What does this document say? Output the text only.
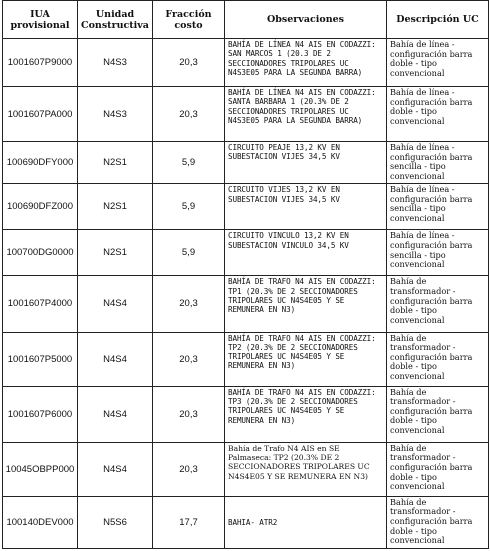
IUA provisional	Unidad Constructiva	Fracción costo	Observaciones	Descripción UC
1001607P9000	N4S3	20,3	BAHÍA DE LÍNEA N4 AIS EN CODAZZI: SAN MARCOS 1 (20.3 DE 2 SECCIONADORES TRIPOLARES UC N4S3E05 PARA LA SEGUNDA BARRA)	Bahía de línea - configuración barra doble - tipo convencional
1001607PA000	N4S3	20,3	BAHÍA DE LÍNEA N4 AIS EN CODAZZI: SANTA BARBARA 1 (20.3% DE 2 SECCIONADORES TRIPOLARES UC N4S3E05 PARA LA SEGUNDA BARRA)	Bahía de línea - configuración barra doble - tipo convencional
100690DFY000	N2S1	5,9	CIRCUITO PEAJE 13,2 KV EN SUBESTACION VIJES 34,5 KV	Bahía de línea - configuración barra sencilla - tipo convencional
100690DFZ000	N2S1	5,9	CIRCUITO VIJES 13,2 KV EN SUBESTACION VIJES 34,5 KV	Bahía de línea - configuración barra sencilla - tipo convencional
100700DG0000	N2S1	5,9	CIRCUITO VINCULO 13,2 KV EN SUBESTACION VINCULO 34,5 KV	Bahía de línea - configuración barra sencilla - tipo convencional
1001607P4000	N4S4	20,3	BAHÍA DE TRAFO N4 AIS EN CODAZZI: TP1 (20.3% DE 2 SECCIONADORES TRIPOLARES UC N4S4E05 Y SE REMUNERA EN N3)	Bahía de transformador - configuración barra doble - tipo convencional
1001607P5000	N4S4	20,3	BAHÍA DE TRAFO N4 AIS EN CODAZZI: TP2 (20.3% DE 2 SECCIONADORES TRIPOLARES UC N4S4E05 Y SE REMUNERA EN N3)	Bahía de transformador - configuración barra doble - tipo convencional
1001607P6000	N4S4	20,3	BAHÍA DE TRAFO N4 AIS EN CODAZZI: TP3 (20.3% DE 2 SECCIONADORES TRIPOLARES UC N4S4E05 Y SE REMUNERA EN N3)	Bahía de transformador - configuración barra doble - tipo convencional
10045OBPP000	N4S4	20,3	Bahía de Trafo N4 AIS en SE Palmaseca: TP2 (20.3% DE 2 SECCIONADORES TRIPOLARES UC N4S4E05 Y SE REMUNERA EN N3)	Bahía de transformador - configuración barra doble - tipo convencional
100140DEV000	N5S6	17,7	BAHIA- ATR2	Bahía de transformador - configuración barra doble - tipo convencional
